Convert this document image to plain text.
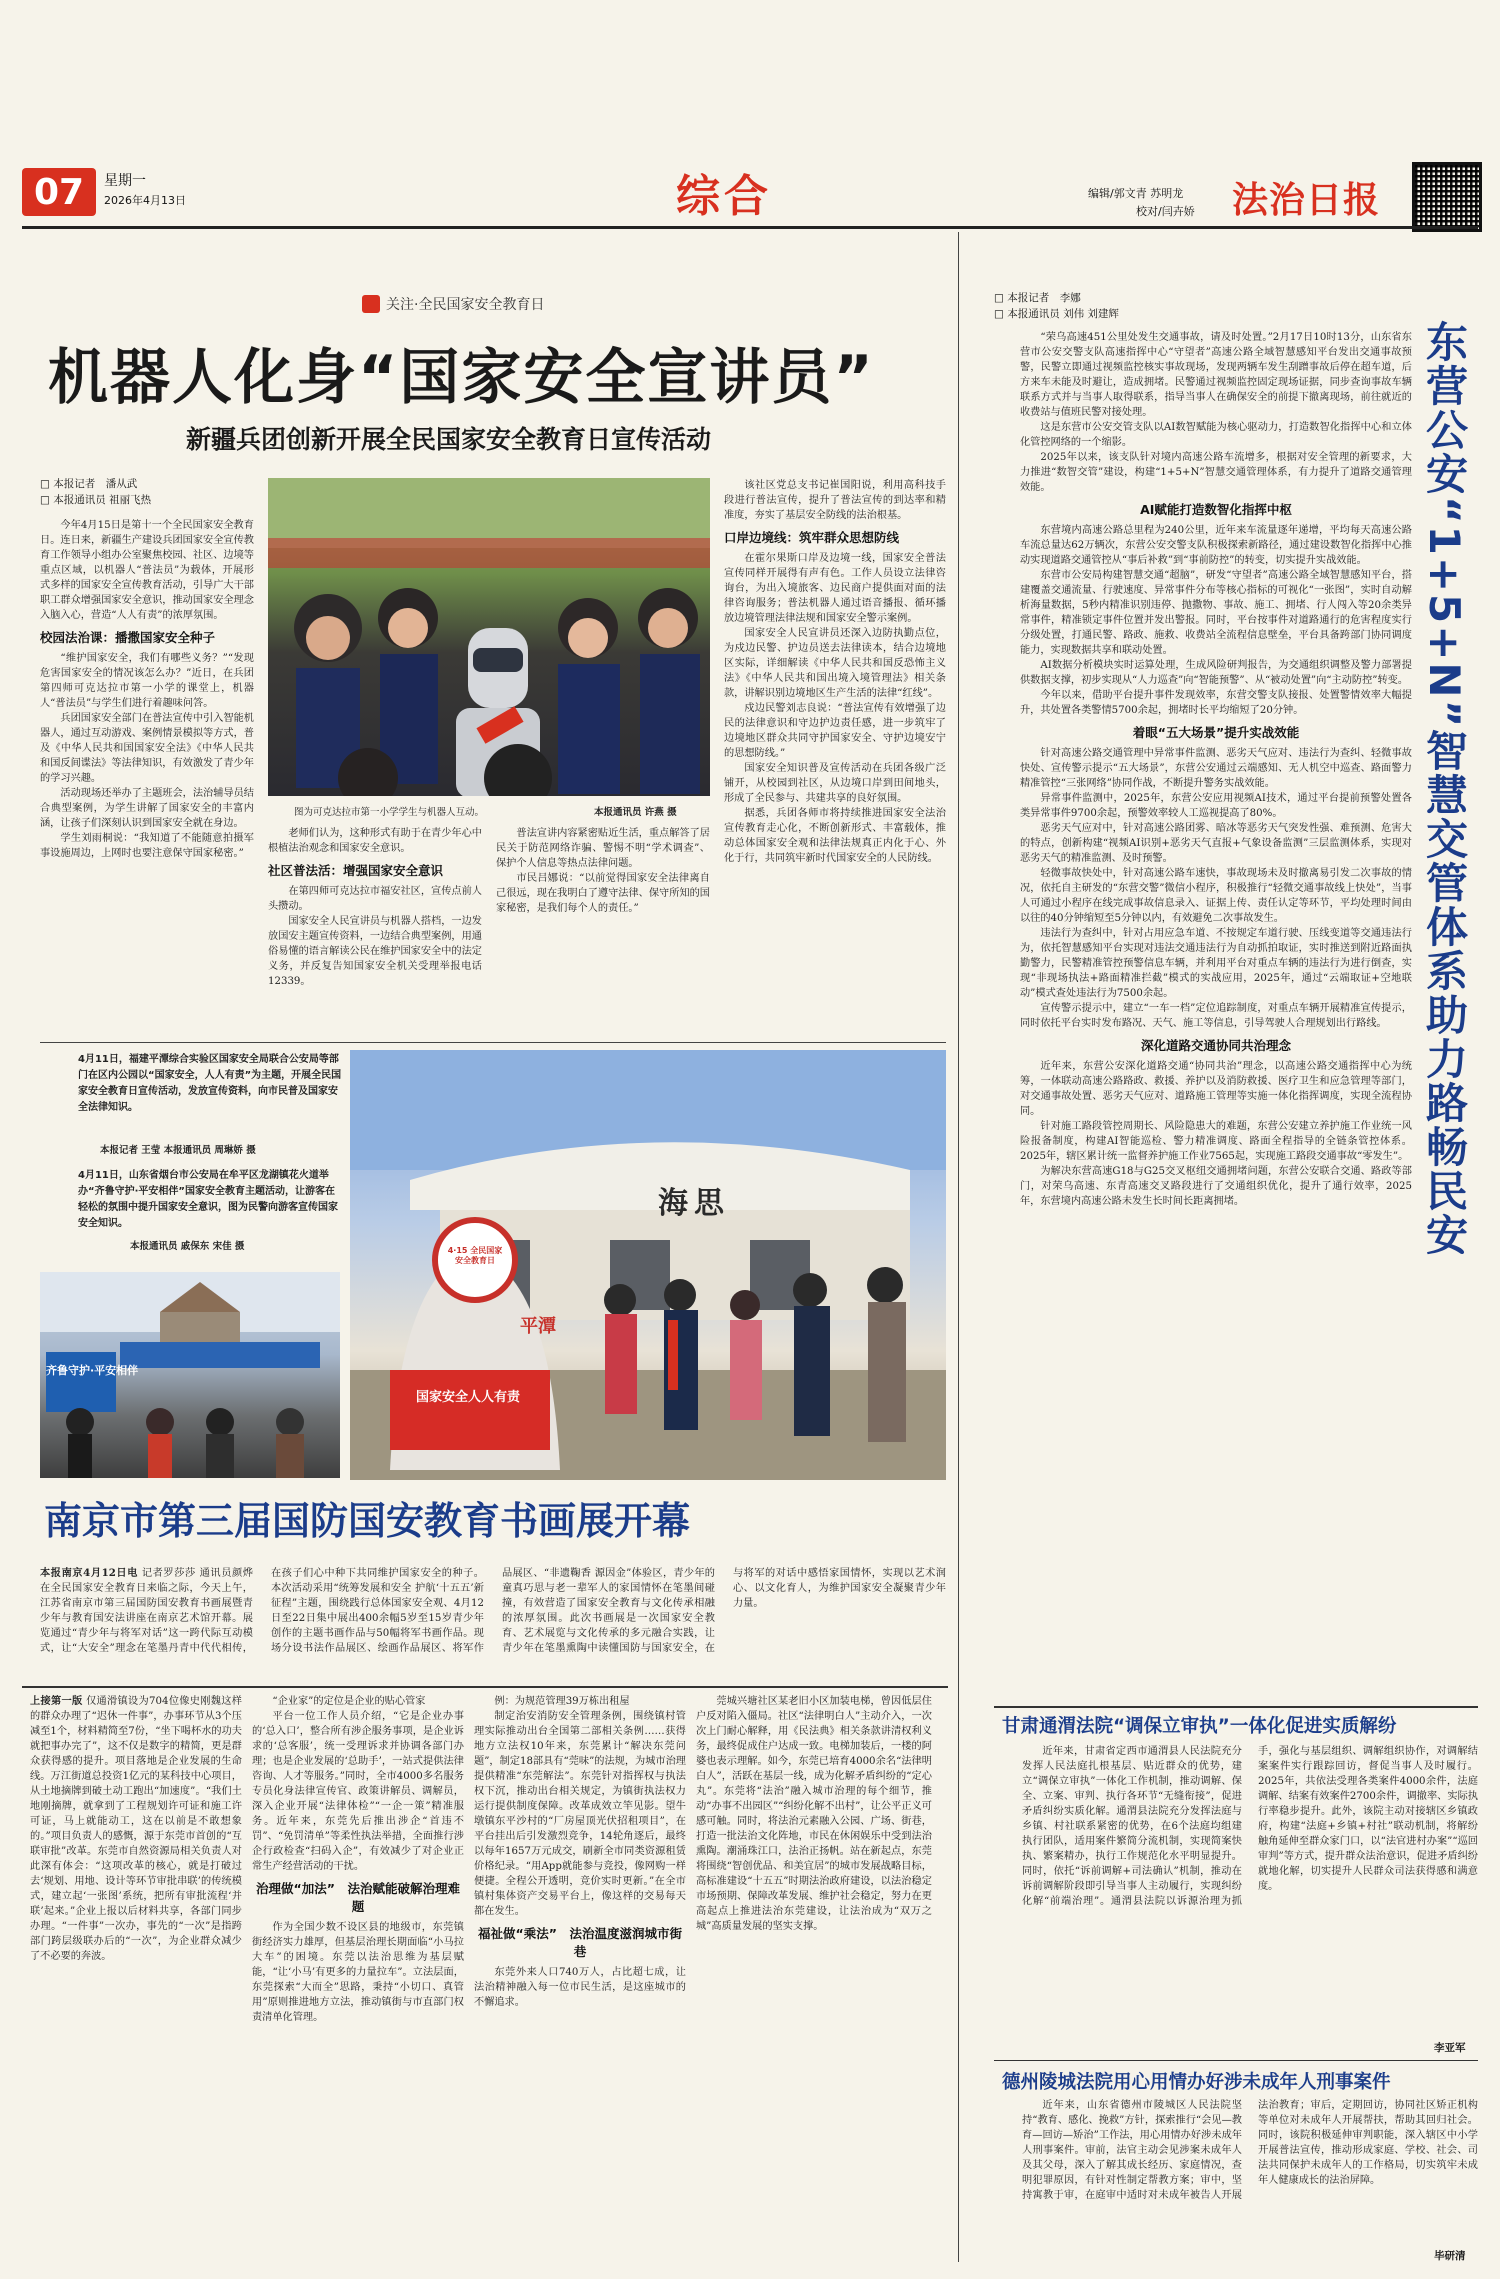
07 星期一
2026年4月13日	综合	编辑/郭文青 苏明龙
校对/闫卉娇 法治日报
关注·全民国家安全教育日
机器人化身“国家安全宣讲员”
新疆兵团创新开展全民国家安全教育日宣传活动
□ 本报记者　潘从武
□ 本报通讯员 祖丽飞热

今年4月15日是第十一个全民国家安全教育日。连日来，新疆生产建设兵团国家安全宣传教育工作领导小组办公室聚焦校园、社区、边境等重点区域，以机器人“普法员”为载体，开展形式多样的国家安全宣传教育活动，引导广大干部职工群众增强国家安全意识，推动国家安全理念入脑入心，营造“人人有责”的浓厚氛围。

校园法治课：播撒国家安全种子

“维护国家安全，我们有哪些义务？”“发现危害国家安全的情况该怎么办？”近日，在兵团第四师可克达拉市第一小学的课堂上，机器人“普法员”与学生们进行着趣味问答。

兵团国家安全部门在普法宣传中引入智能机器人，通过互动游戏、案例情景模拟等方式，普及《中华人民共和国国家安全法》《中华人民共和国反间谍法》等法律知识，有效激发了青少年的学习兴趣。

活动现场还举办了主题班会，法治辅导员结合典型案例，为学生讲解了国家安全的丰富内涵，让孩子们深刻认识到国家安全就在身边。

学生刘雨桐说：“我知道了不能随意拍摄军事设施周边，上网时也要注意保守国家秘密。”

图为可克达拉市第一小学学生与机器人互动。	本报通讯员 许燕 摄

老师们认为，这种形式有助于在青少年心中根植法治观念和国家安全意识。

社区普法活：增强国家安全意识

在第四师可克达拉市福安社区，宣传点前人头攒动。

国家安全人民宣讲员与机器人搭档，一边发放国安主题宣传资料，一边结合典型案例，用通俗易懂的语言解读公民在维护国家安全中的法定义务，并反复告知国家安全机关受理举报电话12339。

普法宣讲内容紧密贴近生活，重点解答了居民关于防范网络诈骗、警惕不明“学术调查”、保护个人信息等热点法律问题。

市民吕娜说：“以前觉得国家安全法律离自己很远，现在我明白了遵守法律、保守所知的国家秘密，是我们每个人的责任。”

该社区党总支书记崔国阳说，利用高科技手段进行普法宣传，提升了普法宣传的到达率和精准度，夯实了基层安全防线的法治根基。

口岸边境线：筑牢群众思想防线

在霍尔果斯口岸及边境一线，国家安全普法宣传同样开展得有声有色。工作人员设立法律咨询台，为出入境旅客、边民商户提供面对面的法律咨询服务；普法机器人通过语音播报、循环播放边境管理法律法规和国家安全警示案例。

国家安全人民宣讲员还深入边防执勤点位，为戍边民警、护边员送去法律读本，结合边境地区实际，详细解读《中华人民共和国反恐怖主义法》《中华人民共和国出境入境管理法》相关条款，讲解识别边境地区生产生活的法律“红线”。

戍边民警刘志良说：“普法宣传有效增强了边民的法律意识和守边护边责任感，进一步筑牢了边境地区群众共同守护国家安全、守护边境安宁的思想防线。”

国家安全知识普及宣传活动在兵团各级广泛铺开，从校园到社区，从边境口岸到田间地头，形成了全民参与、共建共享的良好氛围。

据悉，兵团各师市将持续推进国家安全法治宣传教育走心化，不断创新形式、丰富载体，推动总体国家安全观和法律法规真正内化于心、外化于行，共同筑牢新时代国家安全的人民防线。

4月11日，福建平潭综合实验区国家安全局联合公安局等部门在区内公园以“国家安全，人人有责”为主题，开展全民国家安全教育日宣传活动，发放宣传资料，向市民普及国家安全法律知识。
本报记者 王莹 本报通讯员 周琳娇 摄
4月11日，山东省烟台市公安局在牟平区龙湖镇花火道举办“齐鲁守护·平安相伴”国家安全教育主题活动，让游客在轻松的氛围中提升国家安全意识，图为民警向游客宣传国家安全知识。
本报通讯员 戚保东 宋佳 摄
齐鲁守护·平安相伴
海思
4·15 全民国家安全教育日
平潭
国家安全人人有责
南京市第三届国防国安教育书画展开幕

本报南京4月12日电 记者罗莎莎 通讯员颜烨　在全民国家安全教育日来临之际，今天上午，江苏省南京市第三届国防国安教育书画展暨青少年与教育国安法讲座在南京艺术馆开幕。展览通过“青少年与将军对话”这一跨代际互动模式，让“大安全”理念在笔墨丹青中代代相传，在孩子们心中种下共同维护国家安全的种子。本次活动采用“统筹发展和安全 护航‘十五五’新征程”主题，围绕践行总体国家安全观、4月12日至22日集中展出400余幅5岁至15岁青少年创作的主题书画作品与50幅将军书画作品。现场分设书法作品展区、绘画作品展区、将军作品展区、“非遗鞠香 源因金”体验区，青少年的童真巧思与老一辈军人的家国情怀在笔墨间碰撞，有效营造了国家安全教育与文化传承相融的浓厚氛围。此次书画展是一次国家安全教育、艺术展览与文化传承的多元融合实践，让青少年在笔墨熏陶中读懂国防与国家安全，在与将军的对话中感悟家国情怀，实现以艺术润心、以文化育人，为维护国家安全凝聚青少年力量。

上接第一版 仅通滑镇设为704位像史刚魏这样的群众办理了“迟休一件事”，办事环节从3个压减至1个，材料精简至7份，“坐下喝杯水的功夫就把事办完了”，这不仅是数字的精简，更是群众获得感的提升。项目落地是企业发展的生命线。万江街道总投资1亿元的某科技中心项目，从土地摘牌到破土动工跑出“加速度”。“我们土地刚摘牌，就拿到了工程规划许可证和施工许可证，马上就能动工，这在以前是不敢想象的。”项目负责人的感慨，源于东莞市首创的“互联审批”改革。东莞市自然资源局相关负责人对此深有体会：“这项改革的核心，就是打破过去‘规划、用地、设计等环节审批串联’的传统模式，建立起‘一张图’系统，把所有审批流程‘并联’起来。”企业上报以后材料共享，各部门同步办理。“一件事”一次办，事先的“一次”是指跨部门跨层级联办后的“一次”，为企业群众减少了不必要的奔波。

“企业家”的定位是企业的贴心管家

平台一位工作人员介绍，“它是企业办事的‘总入口’，整合所有涉企服务事项，是企业诉求的‘总客服’，统一受理诉求并协调各部门办理；也是企业发展的‘总助手’，一站式提供法律咨询、人才等服务。”同时，全市4000多名服务专员化身法律宣传官、政策讲解员、调解员，深入企业开展“法律体检”“一企一策”精准服务。近年来，东莞先后推出涉企“首违不罚”、“免罚清单”等柔性执法举措，全面推行涉企行政检查“扫码入企”，有效减少了对企业正常生产经营活动的干扰。

治理做“加法”　法治赋能破解治理难题

作为全国少数不设区县的地级市，东莞镇街经济实力雄厚，但基层治理长期面临“小马拉大车”的困境。东莞以法治思维为基层赋能，“让‘小马’有更多的力量拉车”。立法层面，东莞探索“大而全”思路，秉持“小切口、真管用”原则推进地方立法，推动镇街与市直部门权责清单化管理。

例：为规范管理39万栋出租屋

制定治安消防安全管理条例，围绕镇村管理实际推动出台全国第二部相关条例……获得地方立法权10年来，东莞累计“解决东莞问题”，制定18部具有“莞味”的法规，为城市治理提供精准“东莞解法”。东莞针对指挥权与执法权下沉，推动出台相关规定，为镇街执法权力运行提供制度保障。改革成效立竿见影。望牛墩镇东平沙村的“厂房屋顶光伏招租项目”，在平台挂出后引发激烈竞争，14轮角逐后，最终以每年1657万元成交，刷新全市同类资源租赁价格纪录。“用App就能参与竞投，像网购一样便捷。全程公开透明，竞价实时更新。”在全市镇村集体资产交易平台上，像这样的交易每天都在发生。

福祉做“乘法”　法治温度滋润城市街巷

东莞外来人口740万人，占比超七成，让法治精神融入每一位市民生活，是这座城市的不懈追求。

莞城兴塘社区某老旧小区加装电梯，曾因低层住户反对陷入僵局。社区“法律明白人”主动介入，一次次上门耐心解释，用《民法典》相关条款讲清权利义务，最终促成住户达成一致。电梯加装后，一楼的阿婆也表示理解。如今，东莞已培育4000余名“法律明白人”，活跃在基层一线，成为化解矛盾纠纷的“定心丸”。东莞将“法治”融入城市治理的每个细节，推动“办事不出园区”“纠纷化解不出村”，让公平正义可感可触。同时，将法治元素融入公园、广场、街巷，打造一批法治文化阵地，市民在休闲娱乐中受到法治熏陶。潮涌珠江口，法治正扬帆。站在新起点，东莞将围绕“智创优品、和美宜居”的城市发展战略目标，高标准建设“十五五”时期法治政府建设，以法治稳定市场预期、保障改革发展、维护社会稳定，努力在更高起点上推进法治东莞建设，让法治成为“双万之城”高质量发展的坚实支撑。

□ 本报记者　李娜
□ 本报通讯员 刘伟 刘建辉
东营公安“1+5+N”智慧交管体系助力路畅民安

“荣乌高速451公里处发生交通事故，请及时处置。”2月17日10时13分，山东省东营市公安交警支队高速指挥中心“守望者”高速公路全域智慧感知平台发出交通事故预警，民警立即通过视频监控核实事故现场，发现两辆车发生刮蹭事故后停在超车道，后方来车未能及时避让，造成拥堵。民警通过视频监控固定现场证据，同步查询事故车辆联系方式并与当事人取得联系，指导当事人在确保安全的前提下撤离现场，前往就近的收费站与值班民警对接处理。

这是东营市公安交管支队以AI数智赋能为核心驱动力，打造数智化指挥中心和立体化管控网络的一个缩影。

2025年以来，该支队针对境内高速公路车流增多，根据对安全管理的新要求，大力推进“数智交管”建设，构建“1+5+N”智慧交通管理体系，有力提升了道路交通管理效能。

AI赋能打造数智化指挥中枢

东营境内高速公路总里程为240公里，近年来车流量逐年递增，平均每天高速公路车流总量达62万辆次，东营公安交警支队积极探索新路径，通过建设数智化指挥中心推动实现道路交通管控从“事后补救”到“事前防控”的转变，切实提升实战效能。

东营市公安局构建智慧交通“超脑”，研发“守望者”高速公路全域智慧感知平台，搭建覆盖交通流量、行驶速度、异常事件分布等核心指标的可视化“一张图”，实时自动解析海量数据，5秒内精准识别违停、抛撒物、事故、施工、拥堵、行人闯入等20余类异常事件，精准锁定事件位置并发出警报。同时，平台按事件对道路通行的危害程度实行分级处置，打通民警、路政、施救、收费站全流程信息壁垒，平台具备跨部门协同调度能力，实现数据共享和联动处置。

AI数据分析模块实时运算处理，生成风险研判报告，为交通组织调整及警力部署提供数据支撑，初步实现从“人力巡查”向“智能预警”、从“被动处置”向“主动防控”转变。

今年以来，借助平台提升事件发现效率，东营交警支队接报、处置警情效率大幅提升，共处置各类警情5700余起，拥堵时长平均缩短了20分钟。

着眼“五大场景”提升实战效能

针对高速公路交通管理中异常事件监测、恶劣天气应对、违法行为查纠、轻微事故快处、宣传警示提示“五大场景”，东营公安通过云端感知、无人机空中巡查、路面警力精准管控“三张网络”协同作战，不断提升警务实战效能。

异常事件监测中，2025年，东营公安应用视频AI技术，通过平台提前预警处置各类异常事件9700余起，预警效率较人工巡视提高了80%。

恶劣天气应对中，针对高速公路团雾、暗冰等恶劣天气突发性强、难预测、危害大的特点，创新构建“视频AI识别+恶劣天气直报+气象设备监测”三层监测体系，实现对恶劣天气的精准监测、及时预警。

轻微事故快处中，针对高速公路车速快，事故现场未及时撤离易引发二次事故的情况，依托自主研发的“东营交警”微信小程序，积极推行“轻微交通事故线上快处”，当事人可通过小程序在线完成事故信息录入、证据上传、责任认定等环节，平均处理时间由以往的40分钟缩短至5分钟以内，有效避免二次事故发生。

违法行为查纠中，针对占用应急车道、不按规定车道行驶、压线变道等交通违法行为，依托智慧感知平台实现对违法交通违法行为自动抓拍取证，实时推送到附近路面执勤警力，民警精准管控预警信息车辆，并利用平台对重点车辆的违法行为进行倒查，实现“非现场执法+路面精准拦截”模式的实战应用，2025年，通过“云端取证+空地联动”模式查处违法行为7500余起。

宣传警示提示中，建立“一车一档”定位追踪制度，对重点车辆开展精准宣传提示，同时依托平台实时发布路况、天气、施工等信息，引导驾驶人合理规划出行路线。

深化道路交通协同共治理念

近年来，东营公安深化道路交通“协同共治”理念，以高速公路交通指挥中心为统筹，一体联动高速公路路政、救援、养护以及消防救援、医疗卫生和应急管理等部门，对交通事故处置、恶劣天气应对、道路施工管理等实施一体化指挥调度，实现全流程协同。

针对施工路段管控周期长、风险隐患大的难题，东营公安建立养护施工作业统一风险报备制度，构建AI智能巡检、警力精准调度、路面全程指导的全链条管控体系。2025年，辖区累计统一监督养护施工作业7565起，实现施工路段交通事故“零发生”。

为解决东营高速G18与G25交叉枢纽交通拥堵问题，东营公安联合交通、路政等部门，对荣乌高速、东青高速交叉路段进行了交通组织优化，提升了通行效率，2025年，东营境内高速公路未发生长时间长距离拥堵。

甘肃通渭法院“调保立审执”一体化促进实质解纷

近年来，甘肃省定西市通渭县人民法院充分发挥人民法庭扎根基层、贴近群众的优势，建立“调保立审执”一体化工作机制，推动调解、保全、立案、审判、执行各环节“无缝衔接”，促进矛盾纠纷实质化解。通渭县法院充分发挥法庭与乡镇、村社联系紧密的优势，在6个法庭均组建执行团队，适用案件繁简分流机制，实现简案快执、繁案精办，执行工作规范化水平明显提升。同时，依托“诉前调解+司法确认”机制，推动在诉前调解阶段即引导当事人主动履行，实现纠纷化解“前端治理”。通渭县法院以诉源治理为抓手，强化与基层组织、调解组织协作，对调解结案案件实行跟踪回访，督促当事人及时履行。2025年，共依法受理各类案件4000余件，法庭调解、结案有效案件2700余件，调撤率、实际执行率稳步提升。此外，该院主动对接辖区乡镇政府，构建“法庭+乡镇+村社”联动机制，将解纷触角延伸至群众家门口，以“法官进村办案”“巡回审判”等方式，提升群众法治意识，促进矛盾纠纷就地化解，切实提升人民群众司法获得感和满意度。

李亚军
德州陵城法院用心用情办好涉未成年人刑事案件

近年来，山东省德州市陵城区人民法院坚持“教育、感化、挽救”方针，探索推行“会见—教育—回访—矫治”工作法，用心用情办好涉未成年人刑事案件。审前，法官主动会见涉案未成年人及其父母，深入了解其成长经历、家庭情况，查明犯罪原因，有针对性制定帮教方案；审中，坚持寓教于审，在庭审中适时对未成年被告人开展法治教育；审后，定期回访，协同社区矫正机构等单位对未成年人开展帮扶，帮助其回归社会。同时，该院积极延伸审判职能，深入辖区中小学开展普法宣传，推动形成家庭、学校、社会、司法共同保护未成年人的工作格局，切实筑牢未成年人健康成长的法治屏障。

毕研清
